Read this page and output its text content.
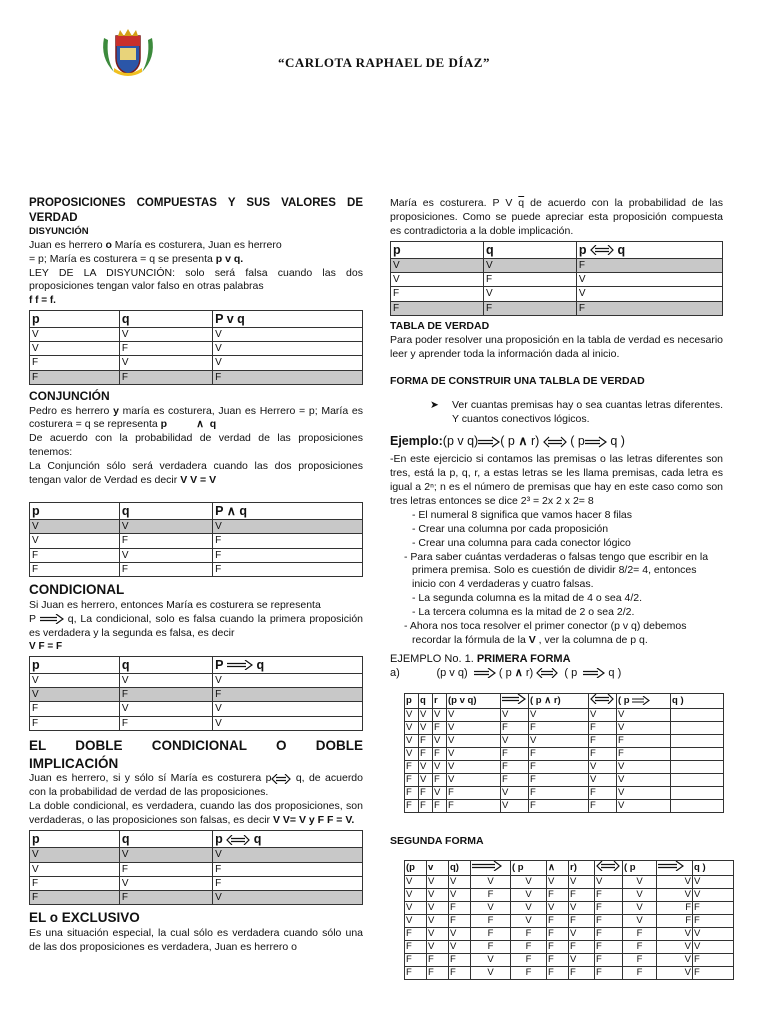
“CARLOTA RAPHAEL DE DÍAZ”
PROPOSICIONES COMPUESTAS Y SUS VALORES DE
VERDAD
DISYUNCIÓN

Juan es herrero o María es costurera, Juan es herrero
= p; María es costurera = q se presenta p v q.

LEY DE LA DISYUNCIÓN: solo será falsa cuando las dos proposiciones tengan valor falso en otras palabras

f f = f.
p	q	P v q
V	V	V
V	F	V
F	V	V
F	F	F
CONJUNCIÓN

Pedro es herrero y maría es costurera, Juan es Herrero = p; María es costurera = q se representa p	∧ q

De acuerdo con la probabilidad de verdad de las proposiciones tenemos:

La Conjunción sólo será verdadera cuando las dos proposiciones tengan valor de Verdad es decir V V = V

p	q	P ∧ q
V	V	V
V	F	F
F	V	F
F	F	F
CONDICIONAL

Si Juan es herrero, entonces María es costurera se representa

P	q, La condicional, solo es falsa cuando la primera proposición es verdadera y la segunda es falsa, es decir

V F = F
p	q	P q
V	V	V
V	F	F
F	V	V
F	F	V
EL DOBLE CONDICIONAL O DOBLE
IMPLICACIÓN

Juan es herrero, si y sólo sí María es costurera p q, de acuerdo con la probabilidad de verdad de las proposiciones.

La doble condicional, es verdadera, cuando las dos proposiciones, son verdaderas, o las proposiciones son falsas, es decir V V= V y F F = V.

p	q	p q
V	V	V
V	F	F
F	V	F
F	F	V
EL o EXCLUSIVO

Es una situación especial, la cual sólo es verdadera cuando sólo una de las dos proposiciones es verdadera, Juan es herrero o

María es costurera. P V $\overline{q}$ de acuerdo con la probabilidad de las proposiciones. Como se puede apreciar esta proposición compuesta es contradictoria a la doble implicación.

p	q	p q
V	V	F
V	F	V
F	V	V
F	F	F
TABLA DE VERDAD

Para poder resolver una proposición en la tabla de verdad es necesario leer y aprender toda la información dada al inicio.

FORMA DE CONSTRUIR UNA TALBLA DE VERDAD
➤	Ver cuantas premisas hay o sea cuantas letras diferentes. Y cuantos conectivos lógicos.
Ejemplo:(p v q) ( p ∧ r) ( p q )

-En este ejercicio si contamos las premisas o las letras diferentes son tres, está la p, q, r, a estas letras se les llama premisas, cada letra es igual a 2ⁿ; n es el número de premisas que hay en este caso como son tres letras entonces se dice 2³ = 2x 2 x 2= 8

- El numeral 8 significa que vamos hacer 8 filas
- Crear una columna por cada proposición
- Crear una columna para cada conector lógico
- Para saber cuántas verdaderas o falsas tengo que escribir en la primera premisa. Solo es cuestión de dividir 8/2= 4, entonces inicio con 4 verdaderas y cuatro falsas.
- La segunda columna es la mitad de 4 o sea 4/2.
- La tercera columna es la mitad de 2 o sea 2/2.
- Ahora nos toca resolver el primer conector (p v q) debemos
recordar la fórmula de la V , ver la columna de p q.
EJEMPLO No. 1. PRIMERA FORMA
a)	(p v q)	( p ∧ r)	( p	q )
p	q	r	(p v q)		( p ∧ r)		( p	q )
V	V	V	V	V	V	V	V	
V	V	F	V	F	F	F	V	
V	F	V	V	V	V	F	F	
V	F	F	V	F	F	F	F	
F	V	V	V	F	F	V	V	
F	V	F	V	F	F	V	V	
F	F	V	F	V	F	F	V	
F	F	F	F	V	F	F	V	
SEGUNDA FORMA
(p	v	q)		( p	∧	r)		( p		q )
V	V	V	V	V	V	V	V	V	V	V
V	V	V	F	V	F	F	F	V	V	V
V	V	F	V	V	V	V	F	V	F	F
V	V	F	F	V	F	F	F	V	F	F
F	V	V	F	F	F	V	F	F	V	V
F	V	V	F	F	F	F	F	F	V	V
F	F	F	V	F	F	V	F	F	V	F
F	F	F	V	F	F	F	F	F	V	F
